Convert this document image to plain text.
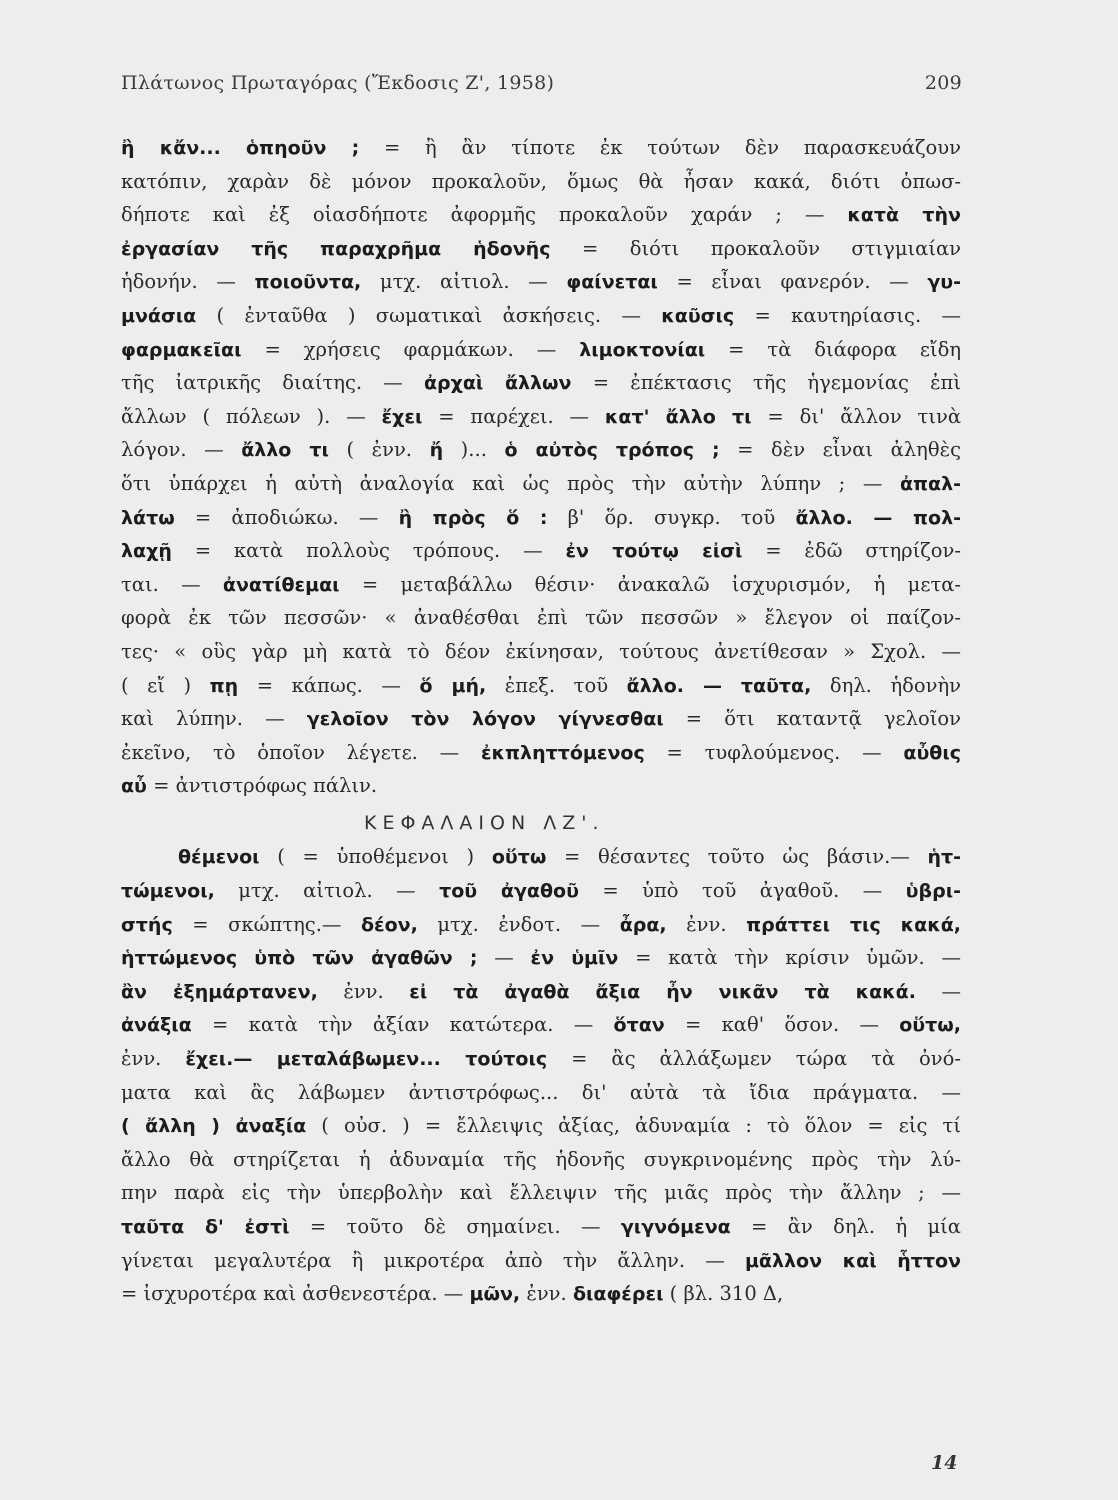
Πλάτωνος Πρωταγόρας (Ἔκδοσις Ζ', 1958)	209
ἢ κἄν... ὁπηοῦν ; = ἢ ἂν τίποτε ἐκ τούτων δὲν παρασκευάζουν
κατόπιν, χαρὰν δὲ μόνον προκαλοῦν, ὅμως θὰ ἦσαν κακά, διότι ὁπωσ-
δήποτε καὶ ἐξ οἱασδήποτε ἀφορμῆς προκαλοῦν χαράν ; — κατὰ τὴν
ἐργασίαν τῆς παραχρῆμα ἡδονῆς = διότι προκαλοῦν στιγμιαίαν
ἡδονήν. — ποιοῦντα, μτχ. αἰτιολ. — φαίνεται = εἶναι φανερόν. — γυ-
μνάσια ( ἐνταῦθα ) σωματικαὶ ἀσκήσεις. — καῦσις = καυτηρίασις. —
φαρμακεῖαι = χρήσεις φαρμάκων. — λιμοκτονίαι = τὰ διάφορα εἴδη
τῆς ἰατρικῆς διαίτης. — ἀρχαὶ ἄλλων = ἐπέκτασις τῆς ἡγεμονίας ἐπὶ
ἄλλων ( πόλεων ). — ἔχει = παρέχει. — κατ' ἄλλο τι = δι' ἄλλον τινὰ
λόγον. — ἄλλο τι ( ἐνν. ἤ )... ὁ αὐτὸς τρόπος ; = δὲν εἶναι ἀληθὲς
ὅτι ὑπάρχει ἡ αὐτὴ ἀναλογία καὶ ὡς πρὸς τὴν αὐτὴν λύπην ; — ἀπαλ-
λάτω = ἀποδιώκω. — ἢ πρὸς ὅ : β' ὅρ. συγκρ. τοῦ ἄλλο. — πολ-
λαχῇ = κατὰ πολλοὺς τρόπους. — ἐν τούτῳ εἰσὶ = ἐδῶ στηρίζον-
ται. — ἀνατίθεμαι = μεταβάλλω θέσιν· ἀνακαλῶ ἰσχυρισμόν, ἡ μετα-
φορὰ ἐκ τῶν πεσσῶν· « ἀναθέσθαι ἐπὶ τῶν πεσσῶν » ἔλεγον οἱ παίζον-
τες· « οὓς γὰρ μὴ κατὰ τὸ δέον ἐκίνησαν, τούτους ἀνετίθεσαν » Σχολ. —
( εἴ ) πῃ = κάπως. — ὅ μή, ἐπεξ. τοῦ ἄλλο. — ταῦτα, δηλ. ἡδονὴν
καὶ λύπην. — γελοῖον τὸν λόγον γίγνεσθαι = ὅτι καταντᾷ γελοῖον
ἐκεῖνο, τὸ ὁποῖον λέγετε. — ἐκπληττόμενος = τυφλούμενος. — αὖθις
αὖ = ἀντιστρόφως πάλιν.
ΚΕΦΑΛΑΙΟΝ ΛΖ'.
θέμενοι ( = ὑποθέμενοι ) οὕτω = θέσαντες τοῦτο ὡς βάσιν.— ἡτ-
τώμενοι, μτχ. αἰτιολ. — τοῦ ἀγαθοῦ = ὑπὸ τοῦ ἀγαθοῦ. — ὑβρι-
στής = σκώπτης.— δέον, μτχ. ἐνδοτ. — ἆρα, ἐνν. πράττει τις κακά,
ἡττώμενος ὑπὸ τῶν ἀγαθῶν ; — ἐν ὑμῖν = κατὰ τὴν κρίσιν ὑμῶν. —
ἂν ἐξημάρτανεν, ἐνν. εἰ τὰ ἀγαθὰ ἄξια ἦν νικᾶν τὰ κακά. —
ἀνάξια = κατὰ τὴν ἀξίαν κατώτερα. — ὅταν = καθ' ὅσον. — οὕτω,
ἐνν. ἔχει.— μεταλάβωμεν... τούτοις = ἂς ἀλλάξωμεν τώρα τὰ ὀνό-
ματα καὶ ἂς λάβωμεν ἀντιστρόφως... δι' αὐτὰ τὰ ἴδια πράγματα. —
( ἄλλη ) ἀναξία ( οὐσ. ) = ἔλλειψις ἀξίας, ἀδυναμία : τὸ ὅλον = εἰς τί
ἄλλο θὰ στηρίζεται ἡ ἀδυναμία τῆς ἡδονῆς συγκρινομένης πρὸς τὴν λύ-
πην παρὰ εἰς τὴν ὑπερβολὴν καὶ ἔλλειψιν τῆς μιᾶς πρὸς τὴν ἄλλην ; —
ταῦτα δ' ἐστὶ = τοῦτο δὲ σημαίνει. — γιγνόμενα = ἂν δηλ. ἡ μία
γίνεται μεγαλυτέρα ἢ μικροτέρα ἀπὸ τὴν ἄλλην. — μᾶλλον καὶ ἧττον
= ἰσχυροτέρα καὶ ἀσθενεστέρα. — μῶν, ἐνν. διαφέρει ( βλ. 310 Δ,
14
